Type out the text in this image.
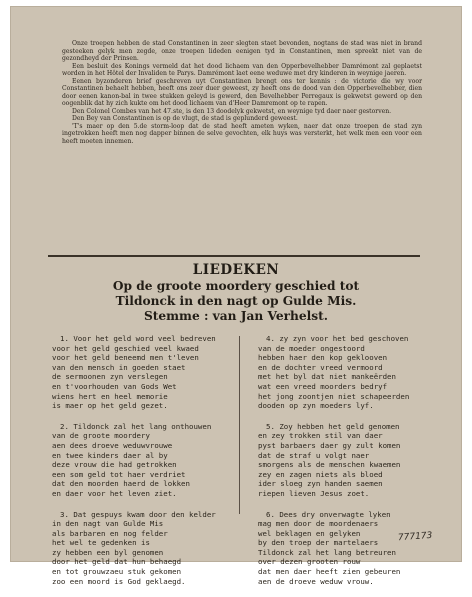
Onze troepen hebben de stad Constantinen in zeer slegten staet bevonden, nogtans de stad was niet in brand gesteeken gelyk men zegde, onze troepen lideden eenigen tyd in Constantinen, men spreekt niet van de gezondheyd der Prinsen.

Een besluit des Konings vermeld dat het dood lichaem van den Opperbevelhebber Damrémont zal geplaetst worden in het Hôtel der Invaliden te Parys. Damrémont laet eene weduwe met dry kinderen in weynige jaeren.

Eenen byzonderen brief geschreven uyt Constantinen brengt ons ter kennis : de victorie die wy voor Constantinen behaelt hebben, heeft ons zeer duer geweest, zy heeft ons de dood van den Opperbevelhebber, dien door eenen kanon-bal in twee stukken geleyd is gewerd, den Bevelhebber Perregaux is gekwetst gewerd op den oogenblik dat hy zich kukte om het dood lichaem van d'Heer Damremont op te rapen.

Den Colonel Combes van het 47.ste, is den 13 doodelyk gekwetst, en weynige tyd daer naer gestorven.

Den Bey van Constantinen is op de vlugt, de stad is geplunderd geweest.

'T's maer op den 5.de storm-loop dat de stad heeft ameten wyken, naer dat onze troepen de stad zyn ingetrokken heeft men nog dapper binnen de selve gevochten, elk huys was versterkt, het welk men een voor een heeft moeten innemen.

LIEDEKEN
Op de groote moordery geschied tot
Tildonck in den nagt op Gulde Mis.
Stemme : van Jan Verhelst.
1. Voor het geld word veel bedreven
voor het geld geschied veel kwaed
voor het geld beneemd men t'leven
van den mensch in goeden staet
de sermoonen zyn verslegen
en t'voorhouden van Gods Wet
wiens hert en heel memorie
is maer op het geld gezet.
2. Tildonck zal het lang onthouwen
van de groote moordery
aen dees droeve weduwvrouwe
en twee kinders daer al by
deze vrouw die had getrokken
een som geld tot haer verdriet
dat den moorden haerd de lokken
en daer voor het leven ziet.
3. Dat gespuys kwam door den kelder
in den nagt van Gulde Mis
als barbaren en nog felder
het wel te gedenken is
zy hebben een byl genomen
door het geld dat hun behaegd
en tot grouwzaeu stuk gekomen
zoo een moord is God geklaegd.
4. zy zyn voor het bed geschoven
van de moeder ongestoord
hebben haer den kop geklooven
en de dochter vreed vermoord
met het byl dat niet mankeërden
wat een vreed moorders bedryf
het jong zoontjen niet schapeerden
dooden op zyn moeders lyf.
5. Zoy hebben het geld genomen
en zey trokken stil van daer
pyst barbaers daer gy zult komen
dat de straf u volgt naer
smorgens als de menschen kwaemen
zey en zagen niets als bloed
ider sloeg zyn handen saemen
riepen lieven Jesus zoet.
6. Dees dry onverwagte lyken
mag men door de moordenaers
wel beklagen en gelyken
by den troep der martelaers
Tildonck zal het lang betreuren
over dezen grooten rouw
dat men daer heeft zien gebeuren
aen de droeve weduw vrouw.
777173
